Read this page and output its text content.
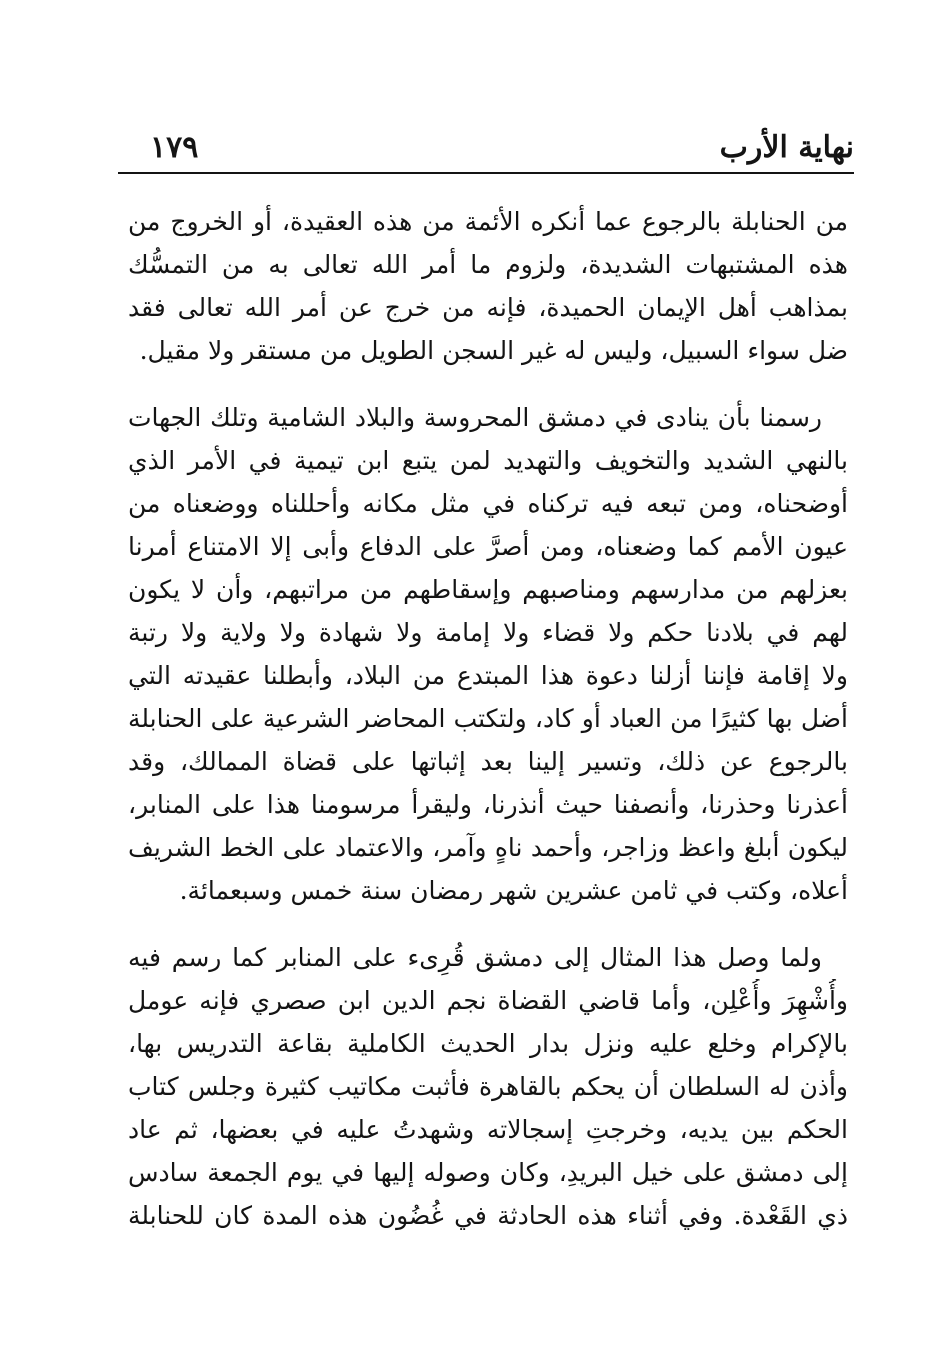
نهاية الأرب
١٧٩
من الحنابلة بالرجوع عما أنكره الأئمة من هذه العقيدة، أو الخروج من
هذه المشتبهات الشديدة، ولزوم ما أمر الله تعالى به من التمسُّك
بمذاهب أهل الإيمان الحميدة، فإنه من خرج عن أمر الله تعالى فقد
ضل سواء السبيل، وليس له غير السجن الطويل من مستقر ولا مقيل.
رسمنا بأن ينادى في دمشق المحروسة والبلاد الشامية وتلك الجهات
بالنهي الشديد والتخويف والتهديد لمن يتبع ابن تيمية في الأمر الذي
أوضحناه، ومن تبعه فيه تركناه في مثل مكانه وأحللناه ووضعناه من
عيون الأمم كما وضعناه، ومن أصرَّ على الدفاع وأبى إلا الامتناع أمرنا
بعزلهم من مدارسهم ومناصبهم وإسقاطهم من مراتبهم، وأن لا يكون
لهم في بلادنا حكم ولا قضاء ولا إمامة ولا شهادة ولا ولاية ولا رتبة
ولا إقامة فإننا أزلنا دعوة هذا المبتدع من البلاد، وأبطلنا عقيدته التي
أضل بها كثيرًا من العباد أو كاد، ولتكتب المحاضر الشرعية على الحنابلة
بالرجوع عن ذلك، وتسير إلينا بعد إثباتها على قضاة الممالك، وقد
أعذرنا وحذرنا، وأنصفنا حيث أنذرنا، وليقرأ مرسومنا هذا على المنابر،
ليكون أبلغ واعظ وزاجر، وأحمد ناهٍ وآمر، والاعتماد على الخط الشريف
أعلاه، وكتب في ثامن عشرين شهر رمضان سنة خمس وسبعمائة.
ولما وصل هذا المثال إلى دمشق قُرِىء على المنابر كما رسم فيه
وأُشْهِرَ وأُعْلِن، وأما قاضي القضاة نجم الدين ابن صصري فإنه عومل
بالإكرام وخلع عليه ونزل بدار الحديث الكاملية بقاعة التدريس بها،
وأذن له السلطان أن يحكم بالقاهرة فأثبت مكاتيب كثيرة وجلس كتاب
الحكم بين يديه، وخرجتِ إسجالاته وشهدتُ عليه في بعضها، ثم عاد
إلى دمشق على خيل البريدِ، وكان وصوله إليها في يوم الجمعة سادس
ذي القَعْدة. وفي أثناء هذه الحادثة في غُضُون هذه المدة كان للحنابلة
